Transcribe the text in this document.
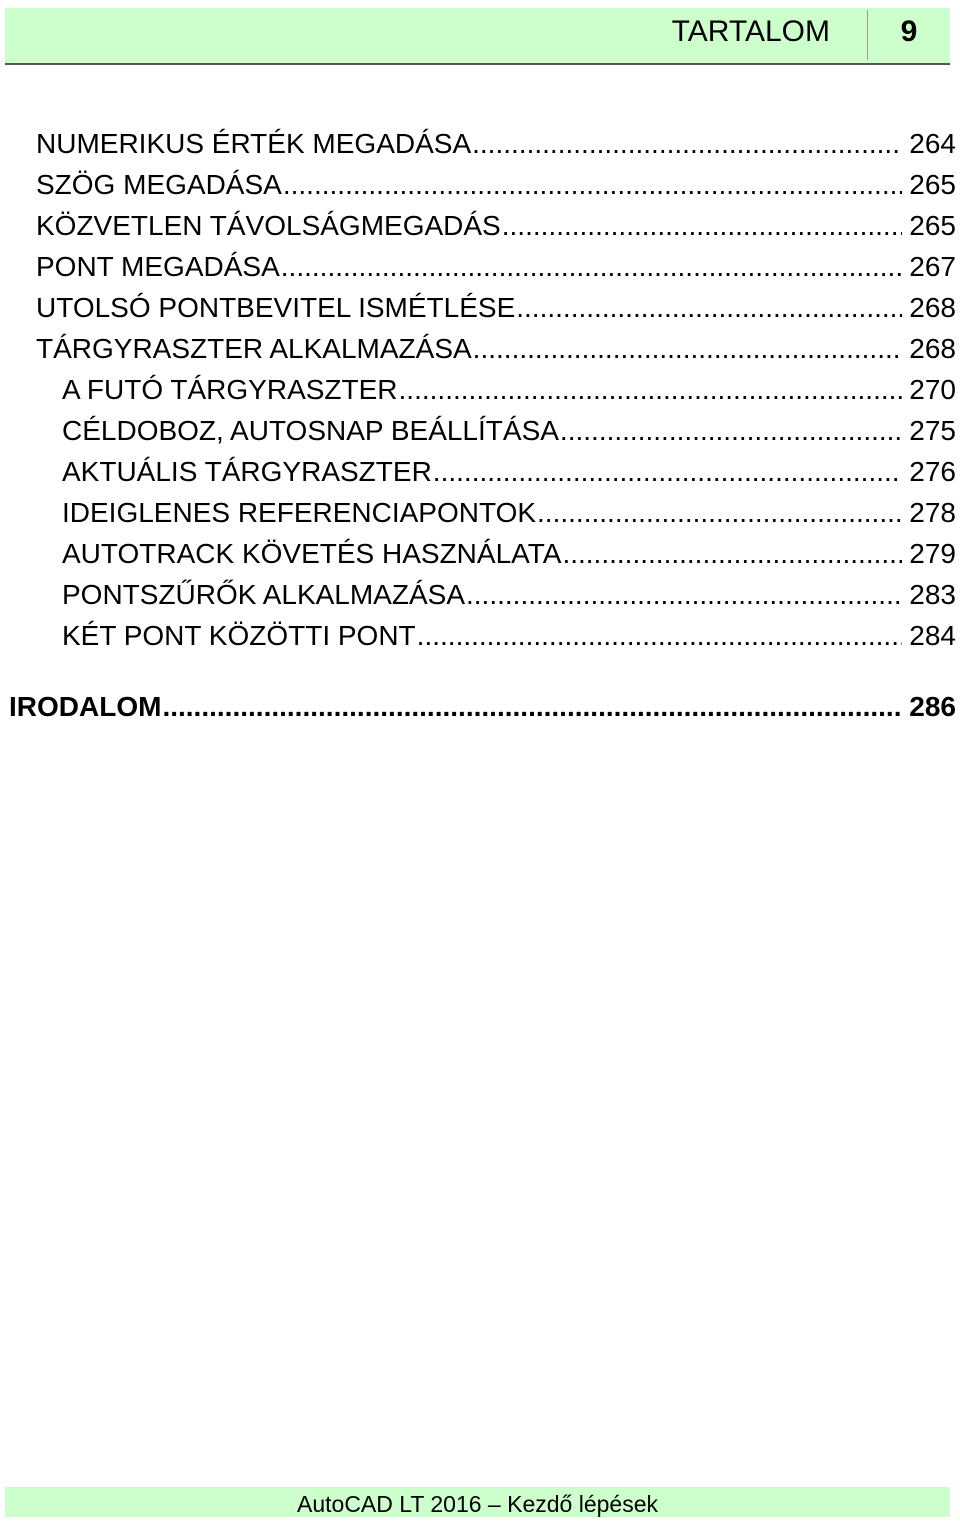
TARTALOM	9
NUMERIKUS ÉRTÉK MEGADÁSA .....	264
SZÖG MEGADÁSA .....	265
KÖZVETLEN TÁVOLSÁGMEGADÁS .....	265
PONT MEGADÁSA .....	267
UTOLSÓ PONTBEVITEL ISMÉTLÉSE .....	268
TÁRGYRASZTER ALKALMAZÁSA .....	268
A FUTÓ TÁRGYRASZTER .....	270
CÉLDOBOZ, AUTOSNAP BEÁLLÍTÁSA .....	275
AKTUÁLIS TÁRGYRASZTER .....	276
IDEIGLENES REFERENCIAPONTOK .....	278
AUTOTRACK KÖVETÉS HASZNÁLATA .....	279
PONTSZŰRŐK ALKALMAZÁSA .....	283
KÉT PONT KÖZÖTTI PONT .....	284
IRODALOM .....	286
AutoCAD LT 2016 – Kezdő lépések
